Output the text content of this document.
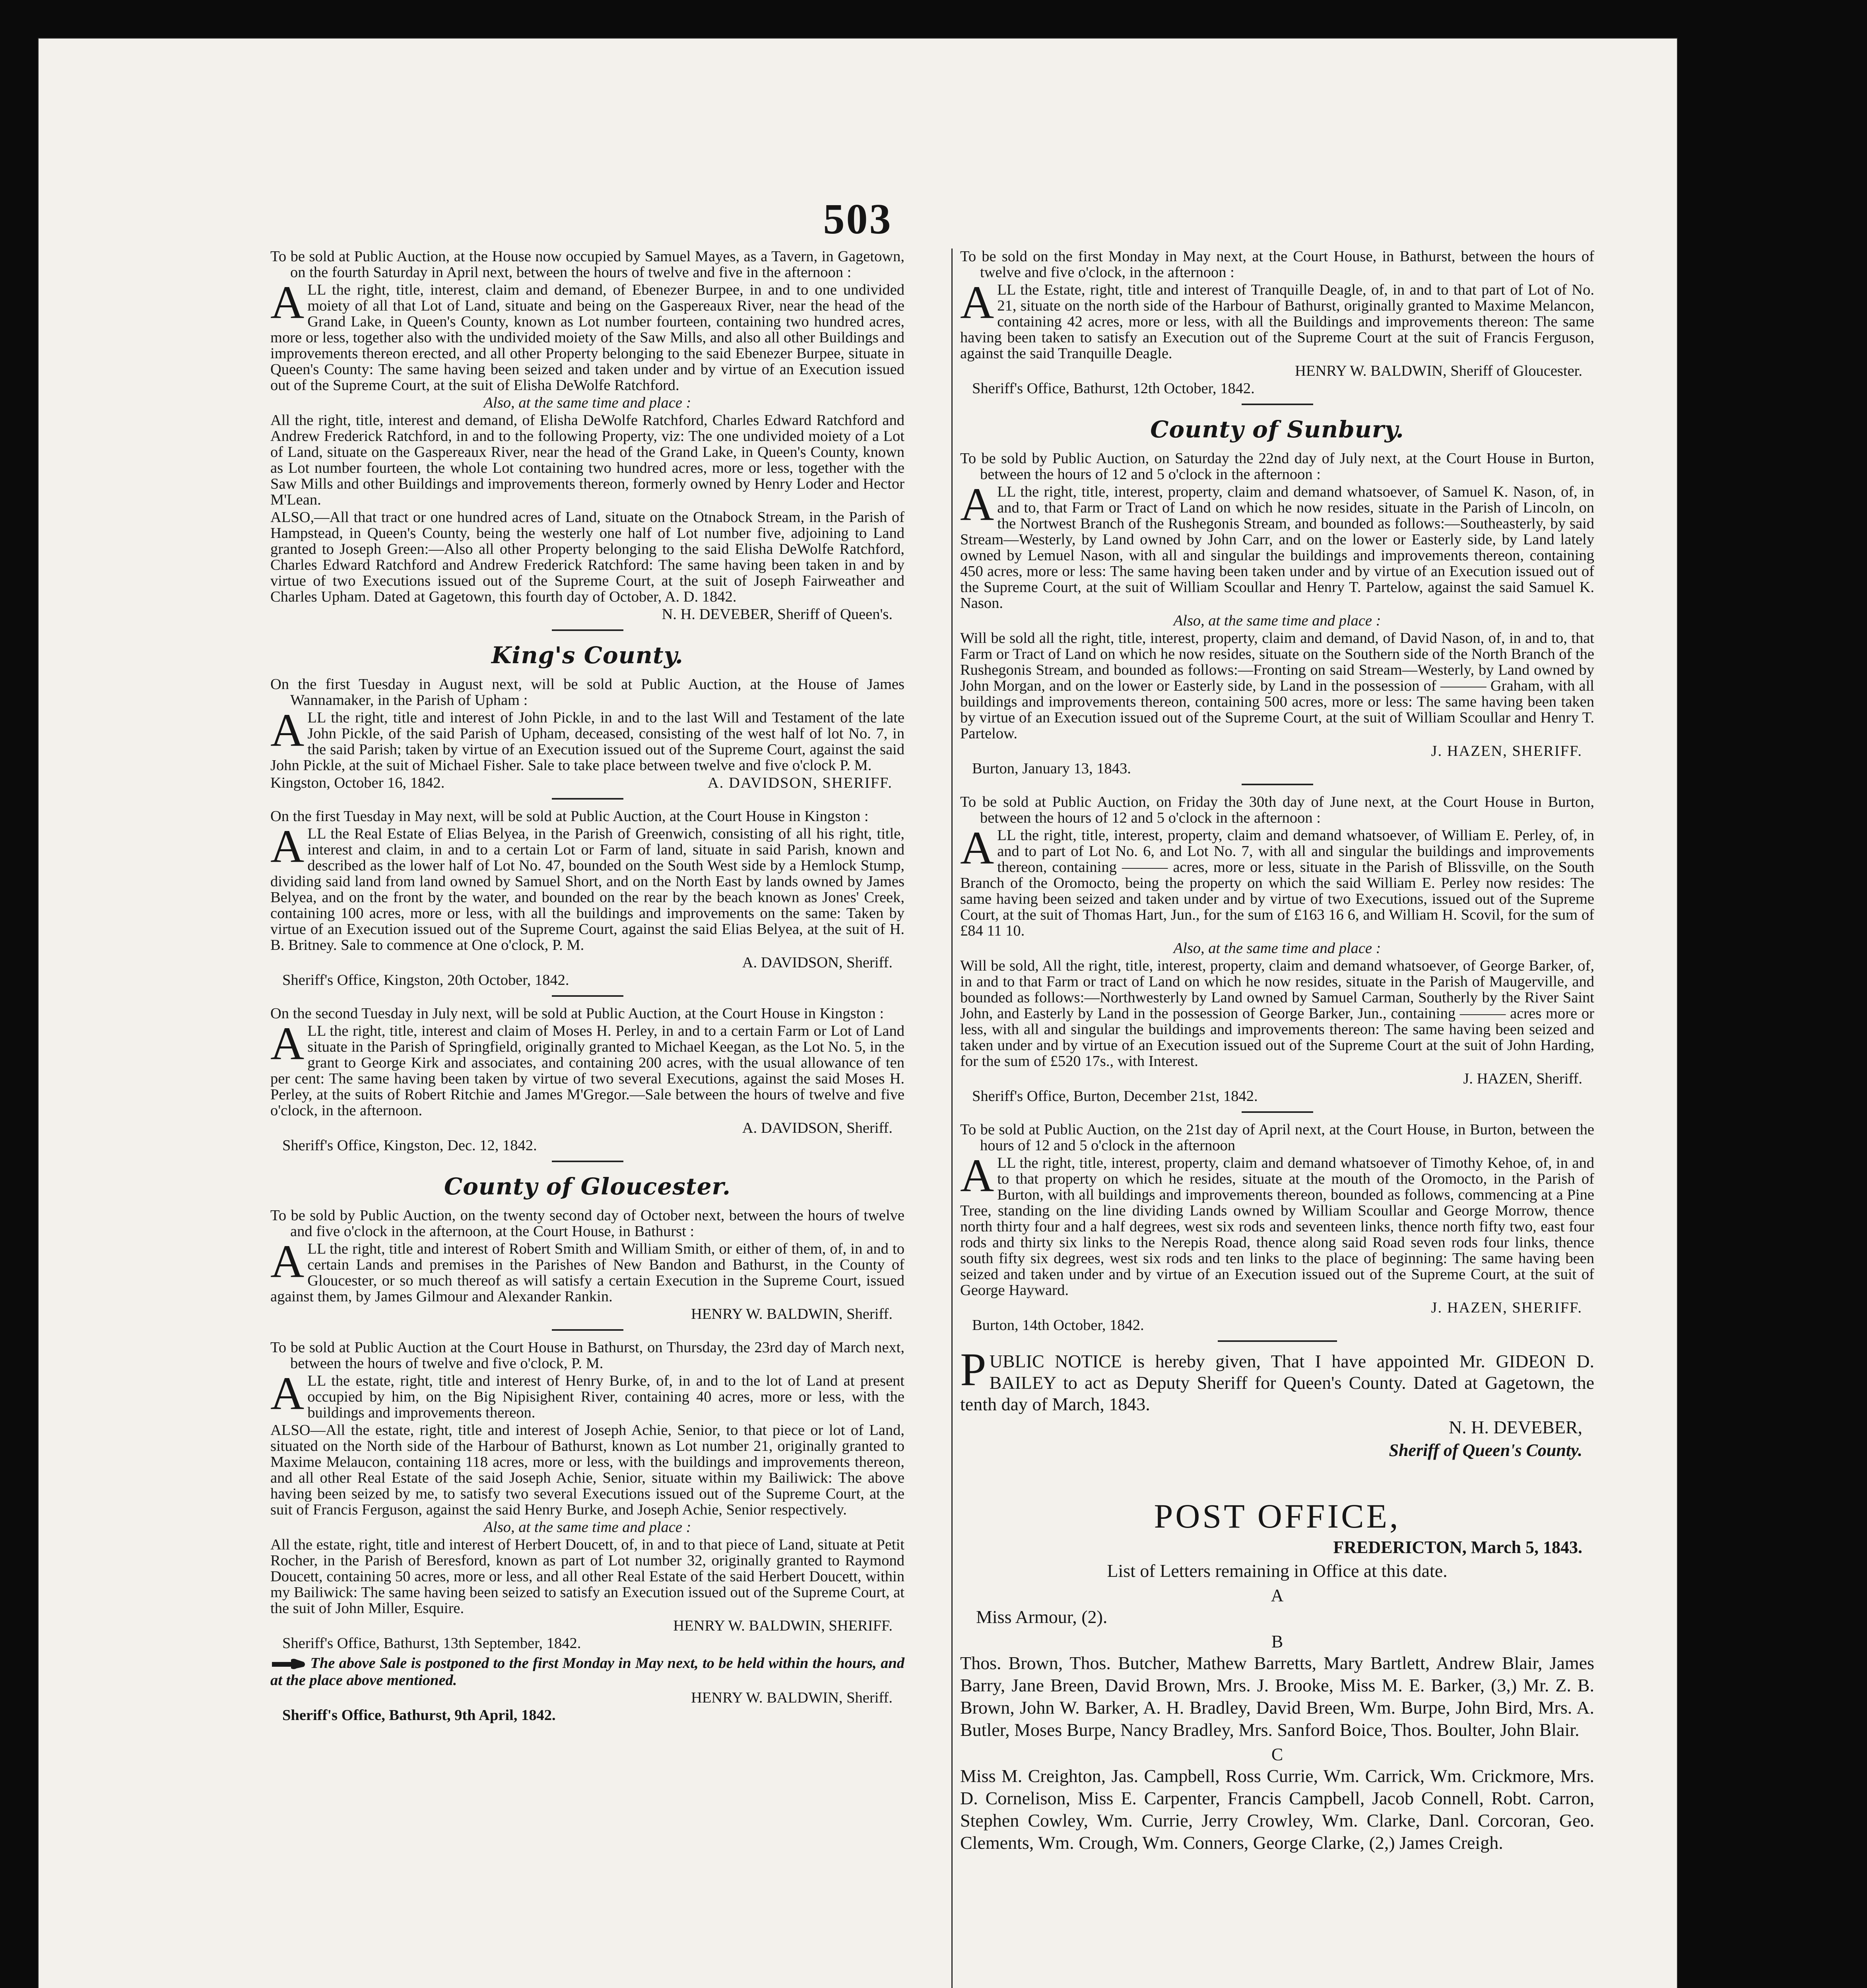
503

To be sold at Public Auction, at the House now occupied by Samuel Mayes, as a Tavern, in Gagetown, on the fourth Saturday in April next, between the hours of twelve and five in the afternoon :

ALL the right, title, interest, claim and demand, of Ebenezer Burpee, in and to one undivided moiety of all that Lot of Land, situate and being on the Gaspereaux River, near the head of the Grand Lake, in Queen's County, known as Lot number fourteen, containing two hundred acres, more or less, together also with the undivided moiety of the Saw Mills, and also all other Buildings and improvements thereon erected, and all other Property belonging to the said Ebenezer Burpee, situate in Queen's County: The same having been seized and taken under and by virtue of an Execution issued out of the Supreme Court, at the suit of Elisha DeWolfe Ratchford.

Also, at the same time and place :

All the right, title, interest and demand, of Elisha DeWolfe Ratchford, Charles Edward Ratchford and Andrew Frederick Ratchford, in and to the following Property, viz: The one undivided moiety of a Lot of Land, situate on the Gaspereaux River, near the head of the Grand Lake, in Queen's County, known as Lot number fourteen, the whole Lot containing two hundred acres, more or less, together with the Saw Mills and other Buildings and improvements thereon, formerly owned by Henry Loder and Hector M'Lean.

ALSO,—All that tract or one hundred acres of Land, situate on the Otnabock Stream, in the Parish of Hampstead, in Queen's County, being the westerly one half of Lot number five, adjoining to Land granted to Joseph Green:—Also all other Property belonging to the said Elisha DeWolfe Ratchford, Charles Edward Ratchford and Andrew Frederick Ratchford: The same having been taken in and by virtue of two Executions issued out of the Supreme Court, at the suit of Joseph Fairweather and Charles Upham. Dated at Gagetown, this fourth day of October, A. D. 1842.

N. H. DEVEBER, Sheriff of Queen's.

King's County.

On the first Tuesday in August next, will be sold at Public Auction, at the House of James Wannamaker, in the Parish of Upham :

ALL the right, title and interest of John Pickle, in and to the last Will and Testament of the late John Pickle, of the said Parish of Upham, deceased, consisting of the west half of lot No. 7, in the said Parish; taken by virtue of an Execution issued out of the Supreme Court, against the said John Pickle, at the suit of Michael Fisher. Sale to take place between twelve and five o'clock P. M.

Kingston, October 16, 1842.	A. DAVIDSON, SHERIFF.

On the first Tuesday in May next, will be sold at Public Auction, at the Court House in Kingston :

ALL the Real Estate of Elias Belyea, in the Parish of Greenwich, consisting of all his right, title, interest and claim, in and to a certain Lot or Farm of land, situate in said Parish, known and described as the lower half of Lot No. 47, bounded on the South West side by a Hemlock Stump, dividing said land from land owned by Samuel Short, and on the North East by lands owned by James Belyea, and on the front by the water, and bounded on the rear by the beach known as Jones' Creek, containing 100 acres, more or less, with all the buildings and improvements on the same: Taken by virtue of an Execution issued out of the Supreme Court, against the said Elias Belyea, at the suit of H. B. Britney. Sale to commence at One o'clock, P. M.

A. DAVIDSON, Sheriff.

Sheriff's Office, Kingston, 20th October, 1842.

On the second Tuesday in July next, will be sold at Public Auction, at the Court House in Kingston :

ALL the right, title, interest and claim of Moses H. Perley, in and to a certain Farm or Lot of Land situate in the Parish of Springfield, originally granted to Michael Keegan, as the Lot No. 5, in the grant to George Kirk and associates, and containing 200 acres, with the usual allowance of ten per cent: The same having been taken by virtue of two several Executions, against the said Moses H. Perley, at the suits of Robert Ritchie and James M'Gregor.—Sale between the hours of twelve and five o'clock, in the afternoon.

A. DAVIDSON, Sheriff.

Sheriff's Office, Kingston, Dec. 12, 1842.

County of Gloucester.

To be sold by Public Auction, on the twenty second day of October next, between the hours of twelve and five o'clock in the afternoon, at the Court House, in Bathurst :

ALL the right, title and interest of Robert Smith and William Smith, or either of them, of, in and to certain Lands and premises in the Parishes of New Bandon and Bathurst, in the County of Gloucester, or so much thereof as will satisfy a certain Execution in the Supreme Court, issued against them, by James Gilmour and Alexander Rankin.

HENRY W. BALDWIN, Sheriff.

To be sold at Public Auction at the Court House in Bathurst, on Thursday, the 23rd day of March next, between the hours of twelve and five o'clock, P. M.

ALL the estate, right, title and interest of Henry Burke, of, in and to the lot of Land at present occupied by him, on the Big Nipisighent River, containing 40 acres, more or less, with the buildings and improvements thereon.

ALSO—All the estate, right, title and interest of Joseph Achie, Senior, to that piece or lot of Land, situated on the North side of the Harbour of Bathurst, known as Lot number 21, originally granted to Maxime Melaucon, containing 118 acres, more or less, with the buildings and improvements thereon, and all other Real Estate of the said Joseph Achie, Senior, situate within my Bailiwick: The above having been seized by me, to satisfy two several Executions issued out of the Supreme Court, at the suit of Francis Ferguson, against the said Henry Burke, and Joseph Achie, Senior respectively.

Also, at the same time and place :

All the estate, right, title and interest of Herbert Doucett, of, in and to that piece of Land, situate at Petit Rocher, in the Parish of Beresford, known as part of Lot number 32, originally granted to Raymond Doucett, containing 50 acres, more or less, and all other Real Estate of the said Herbert Doucett, within my Bailiwick: The same having been seized to satisfy an Execution issued out of the Supreme Court, at the suit of John Miller, Esquire.

HENRY W. BALDWIN, SHERIFF.

Sheriff's Office, Bathurst, 13th September, 1842.

The above Sale is postponed to the first Monday in May next, to be held within the hours, and at the place above mentioned.

HENRY W. BALDWIN, Sheriff.

Sheriff's Office, Bathurst, 9th April, 1842.

To be sold on the first Monday in May next, at the Court House, in Bathurst, between the hours of twelve and five o'clock, in the afternoon :

ALL the Estate, right, title and interest of Tranquille Deagle, of, in and to that part of Lot of No. 21, situate on the north side of the Harbour of Bathurst, originally granted to Maxime Melancon, containing 42 acres, more or less, with all the Buildings and improvements thereon: The same having been taken to satisfy an Execution out of the Supreme Court at the suit of Francis Ferguson, against the said Tranquille Deagle.

HENRY W. BALDWIN, Sheriff of Gloucester.

Sheriff's Office, Bathurst, 12th October, 1842.

County of Sunbury.

To be sold by Public Auction, on Saturday the 22nd day of July next, at the Court House in Burton, between the hours of 12 and 5 o'clock in the afternoon :

ALL the right, title, interest, property, claim and demand whatsoever, of Samuel K. Nason, of, in and to, that Farm or Tract of Land on which he now resides, situate in the Parish of Lincoln, on the Nortwest Branch of the Rushegonis Stream, and bounded as follows:—Southeasterly, by said Stream—Westerly, by Land owned by John Carr, and on the lower or Easterly side, by Land lately owned by Lemuel Nason, with all and singular the buildings and improvements thereon, containing 450 acres, more or less: The same having been taken under and by virtue of an Execution issued out of the Supreme Court, at the suit of William Scoullar and Henry T. Partelow, against the said Samuel K. Nason.

Also, at the same time and place :

Will be sold all the right, title, interest, property, claim and demand, of David Nason, of, in and to, that Farm or Tract of Land on which he now resides, situate on the Southern side of the North Branch of the Rushegonis Stream, and bounded as follows:—Fronting on said Stream—Westerly, by Land owned by John Morgan, and on the lower or Easterly side, by Land in the possession of ——— Graham, with all buildings and improvements thereon, containing 500 acres, more or less: The same having been taken by virtue of an Execution issued out of the Supreme Court, at the suit of William Scoullar and Henry T. Partelow.

J. HAZEN, SHERIFF.

Burton, January 13, 1843.

To be sold at Public Auction, on Friday the 30th day of June next, at the Court House in Burton, between the hours of 12 and 5 o'clock in the afternoon :

ALL the right, title, interest, property, claim and demand whatsoever, of William E. Perley, of, in and to part of Lot No. 6, and Lot No. 7, with all and singular the buildings and improvements thereon, containing ——— acres, more or less, situate in the Parish of Blissville, on the South Branch of the Oromocto, being the property on which the said William E. Perley now resides: The same having been seized and taken under and by virtue of two Executions, issued out of the Supreme Court, at the suit of Thomas Hart, Jun., for the sum of £163 16 6, and William H. Scovil, for the sum of £84 11 10.

Also, at the same time and place :

Will be sold, All the right, title, interest, property, claim and demand whatsoever, of George Barker, of, in and to that Farm or tract of Land on which he now resides, situate in the Parish of Maugerville, and bounded as follows:—Northwesterly by Land owned by Samuel Carman, Southerly by the River Saint John, and Easterly by Land in the possession of George Barker, Jun., containing ——— acres more or less, with all and singular the buildings and improvements thereon: The same having been seized and taken under and by virtue of an Execution issued out of the Supreme Court at the suit of John Harding, for the sum of £520 17s., with Interest.

J. HAZEN, Sheriff.

Sheriff's Office, Burton, December 21st, 1842.

To be sold at Public Auction, on the 21st day of April next, at the Court House, in Burton, between the hours of 12 and 5 o'clock in the afternoon

ALL the right, title, interest, property, claim and demand whatsoever of Timothy Kehoe, of, in and to that property on which he resides, situate at the mouth of the Oromocto, in the Parish of Burton, with all buildings and improvements thereon, bounded as follows, commencing at a Pine Tree, standing on the line dividing Lands owned by William Scoullar and George Morrow, thence north thirty four and a half degrees, west six rods and seventeen links, thence north fifty two, east four rods and thirty six links to the Nerepis Road, thence along said Road seven rods four links, thence south fifty six degrees, west six rods and ten links to the place of beginning: The same having been seized and taken under and by virtue of an Execution issued out of the Supreme Court, at the suit of George Hayward.

J. HAZEN, SHERIFF.

Burton, 14th October, 1842.

PUBLIC NOTICE is hereby given, That I have appointed Mr. GIDEON D. BAILEY to act as Deputy Sheriff for Queen's County. Dated at Gagetown, the tenth day of March, 1843.

N. H. DEVEBER,

Sheriff of Queen's County.

POST OFFICE,

FREDERICTON, March 5, 1843.

List of Letters remaining in Office at this date.

A

Miss Armour, (2).

B

Thos. Brown, Thos. Butcher, Mathew Barretts, Mary Bartlett, Andrew Blair, James Barry, Jane Breen, David Brown, Mrs. J. Brooke, Miss M. E. Barker, (3,) Mr. Z. B. Brown, John W. Barker, A. H. Bradley, David Breen, Wm. Burpe, John Bird, Mrs. A. Butler, Moses Burpe, Nancy Bradley, Mrs. Sanford Boice, Thos. Boulter, John Blair.

C

Miss M. Creighton, Jas. Campbell, Ross Currie, Wm. Carrick, Wm. Crickmore, Mrs. D. Cornelison, Miss E. Carpenter, Francis Campbell, Jacob Connell, Robt. Carron, Stephen Cowley, Wm. Currie, Jerry Crowley, Wm. Clarke, Danl. Corcoran, Geo. Clements, Wm. Crough, Wm. Conners, George Clarke, (2,) James Creigh.
